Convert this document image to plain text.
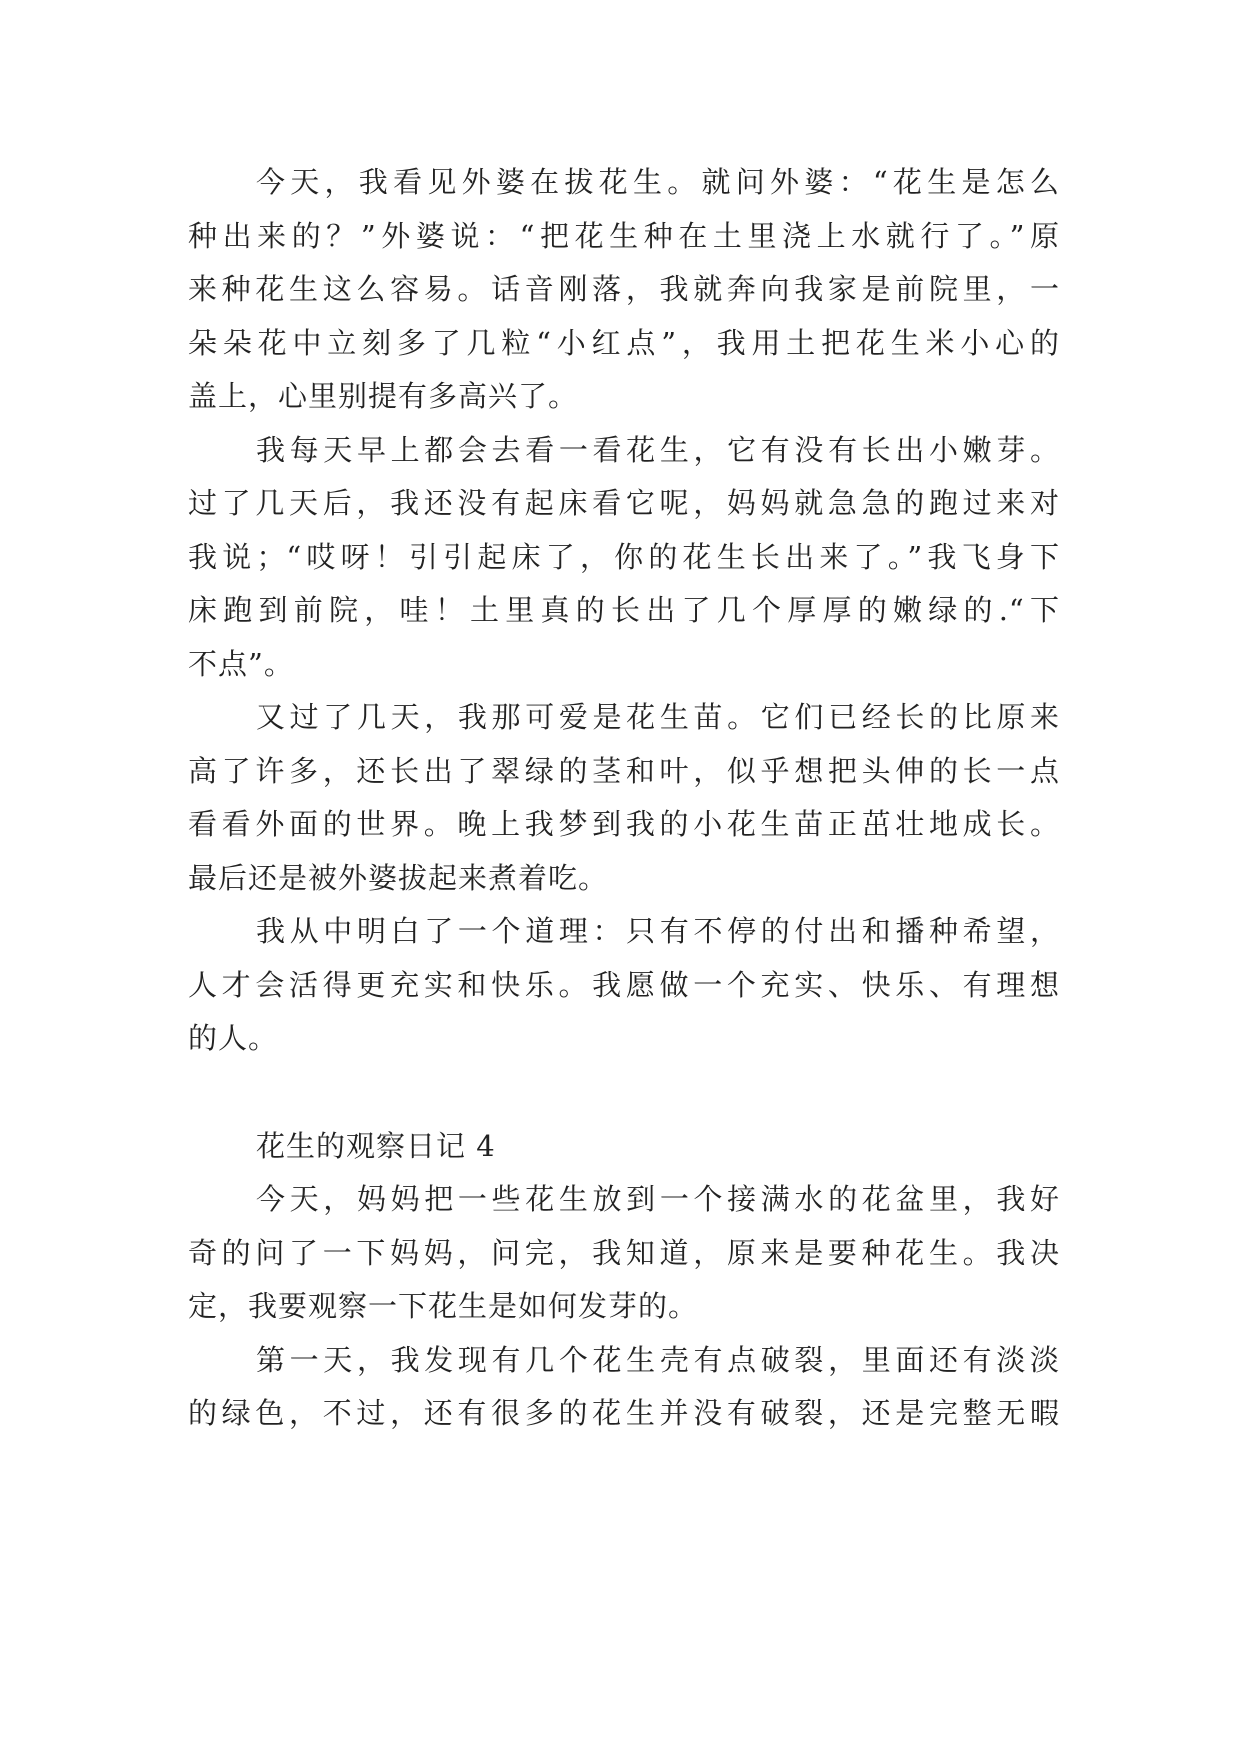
今天，我看见外婆在拔花生。就问外婆：“花生是怎么
种出来的？”外婆说：“把花生种在土里浇上水就行了。”原
来种花生这么容易。话音刚落，我就奔向我家是前院里，一
朵朵花中立刻多了几粒“小红点”，我用土把花生米小心的
盖上，心里别提有多高兴了。
我每天早上都会去看一看花生，它有没有长出小嫩芽。
过了几天后，我还没有起床看它呢，妈妈就急急的跑过来对
我说；“哎呀！引引起床了，你的花生长出来了。”我飞身下
床跑到前院，哇！土里真的长出了几个厚厚的嫩绿的.“下
不点”。
又过了几天，我那可爱是花生苗。它们已经长的比原来
高了许多，还长出了翠绿的茎和叶，似乎想把头伸的长一点
看看外面的世界。晚上我梦到我的小花生苗正茁壮地成长。
最后还是被外婆拔起来煮着吃。
我从中明白了一个道理：只有不停的付出和播种希望，
人才会活得更充实和快乐。我愿做一个充实、快乐、有理想
的人。
花生的观察日记 4
今天，妈妈把一些花生放到一个接满水的花盆里，我好
奇的问了一下妈妈，问完，我知道，原来是要种花生。我决
定，我要观察一下花生是如何发芽的。
第一天，我发现有几个花生壳有点破裂，里面还有淡淡
的绿色，不过，还有很多的花生并没有破裂，还是完整无暇
